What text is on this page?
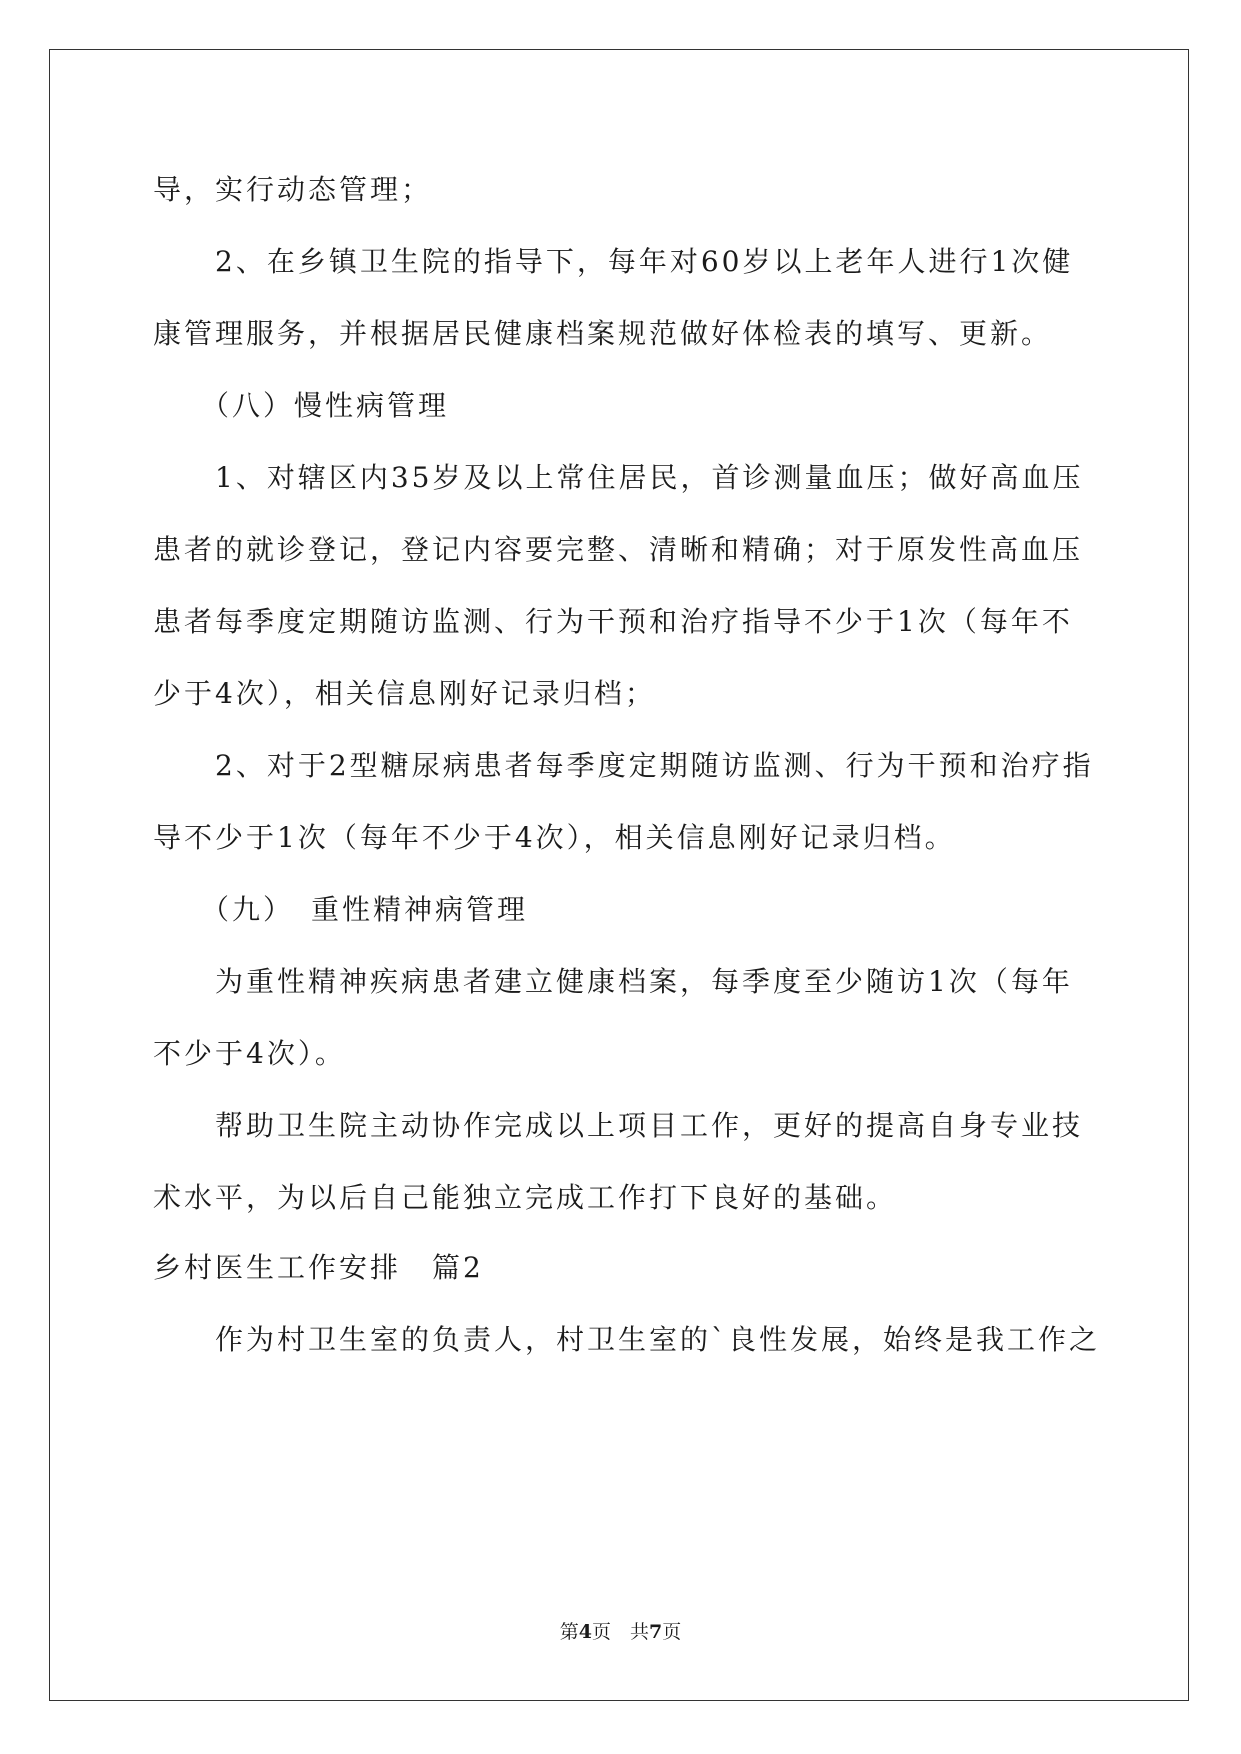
导，实行动态管理；
　　2、在乡镇卫生院的指导下，每年对60岁以上老年人进行1次健
康管理服务，并根据居民健康档案规范做好体检表的填写、更新。
　　（八）慢性病管理
　　1、对辖区内35岁及以上常住居民，首诊测量血压；做好高血压
患者的就诊登记，登记内容要完整、清晰和精确；对于原发性高血压
患者每季度定期随访监测、行为干预和治疗指导不少于1次（每年不
少于4次），相关信息刚好记录归档；
　　2、对于2型糖尿病患者每季度定期随访监测、行为干预和治疗指
导不少于1次（每年不少于4次），相关信息刚好记录归档。
　　（九）　重性精神病管理
　　为重性精神疾病患者建立健康档案，每季度至少随访1次（每年
不少于4次）。
　　帮助卫生院主动协作完成以上项目工作，更好的提高自身专业技
术水平，为以后自己能独立完成工作打下良好的基础。
乡村医生工作安排　篇2
　　作为村卫生室的负责人，村卫生室的`良性发展，始终是我工作之
第4页　共7页
